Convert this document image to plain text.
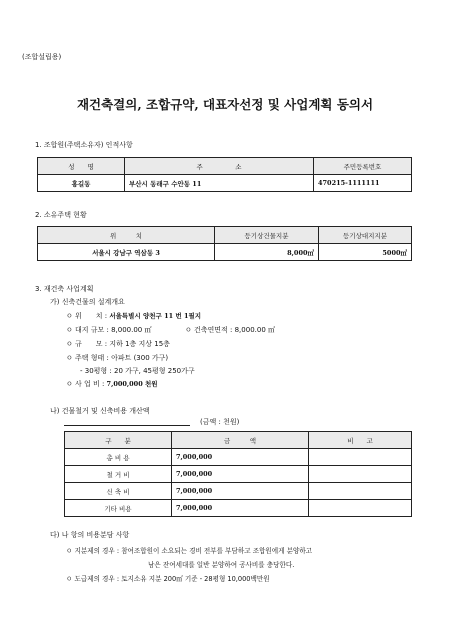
(조합설립용)
재건축결의, 조합규약, 대표자선정 및 사업계획 동의서
1. 조합원(주택소유자) 인적사항
성　　명	주　　　　　소	주민등록번호
홍길동	부산시 동래구 수안동 11	470215-1111111
2. 소유주택 현황
위　　　치	등기상건물지분	등기상대지지분
서울시 강남구 역삼동 3	8,000㎡	5000㎡
3. 재건축 사업계획
가) 신축건물의 설계개요
ㅇ 위　　치 : 서울특별시 양천구 11 번 1필지
ㅇ 대지 규모 : 8,000.00 ㎡	ㅇ 건축연면적 : 8,000.00 ㎡
ㅇ 규　　모 : 지하 1층 지상 15층
ㅇ 주택 형태 : 아파트 (300 가구)
- 30평형 : 20 가구, 45평형 250가구
ㅇ 사 업 비 : 7,000,000 천원
나) 건물철거 및 신축비용 개산액
(금액 : 천원)
구　　분	금　　　액	비　　고
총 비 용	7,000,000	
철 거 비	7,000,000	
신 축 비	7,000,000	
기타 비용	7,000,000	
다) 나 항의 비용분담 사항
ㅇ 지분제의 경우 : 참여조합원이 소요되는 경비 전부를 부담하고 조합원에게 분양하고
남은 잔여세대를 일반 분양하여 공사비를 충당한다.
ㅇ 도급제의 경우 : 토지소유 지분 200㎡ 기준 - 28평형 10,000백만원
